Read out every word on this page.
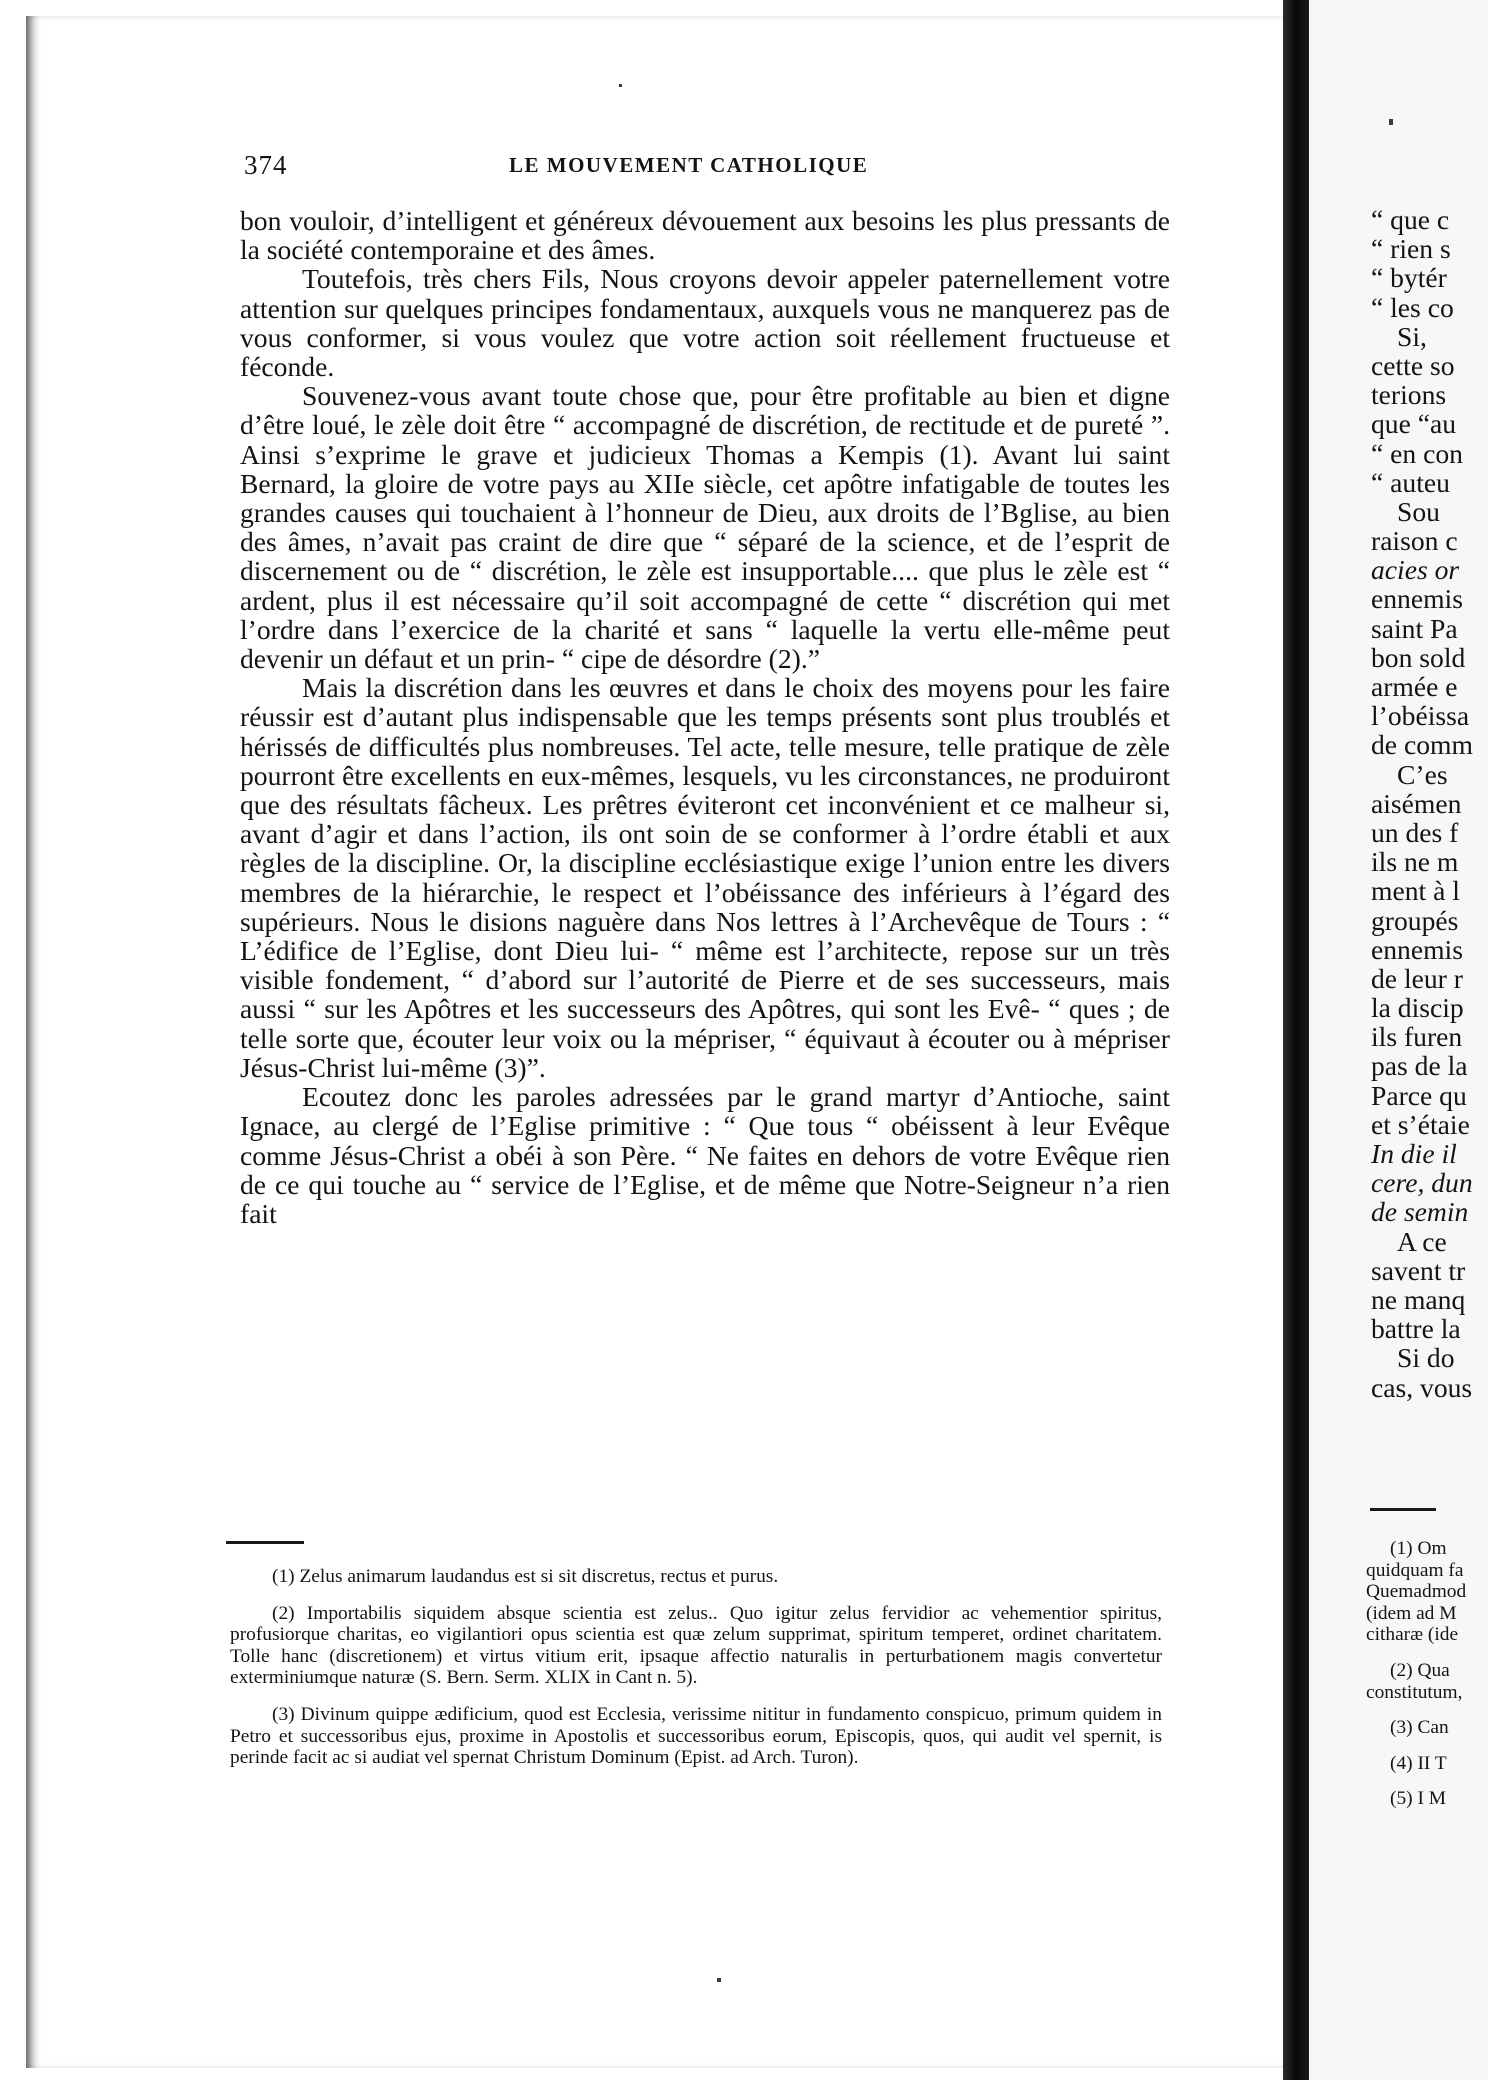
374	LE MOUVEMENT CATHOLIQUE

bon vouloir, d’intelligent et généreux dévouement aux besoins les plus pressants de la société contemporaine et des âmes.

Toutefois, très chers Fils, Nous croyons devoir appeler paternellement votre attention sur quelques principes fondamentaux, auxquels vous ne manquerez pas de vous conformer, si vous voulez que votre action soit réellement fructueuse et féconde.

Souvenez-vous avant toute chose que, pour être profitable au bien et digne d’être loué, le zèle doit être “ accompagné de discrétion, de rectitude et de pureté ”. Ainsi s’exprime le grave et judicieux Thomas a Kempis (1). Avant lui saint Bernard, la gloire de votre pays au XIIe siècle, cet apôtre infatigable de toutes les grandes causes qui touchaient à l’honneur de Dieu, aux droits de l’Bglise, au bien des âmes, n’avait pas craint de dire que “ séparé de la science, et de l’esprit de discernement ou de “ discrétion, le zèle est insupportable.... que plus le zèle est “ ardent, plus il est nécessaire qu’il soit accompagné de cette “ discrétion qui met l’ordre dans l’exercice de la charité et sans “ laquelle la vertu elle-même peut devenir un défaut et un prin- “ cipe de désordre (2).”

Mais la discrétion dans les œuvres et dans le choix des moyens pour les faire réussir est d’autant plus indispensable que les temps présents sont plus troublés et hérissés de difficultés plus nombreuses. Tel acte, telle mesure, telle pratique de zèle pourront être excellents en eux-mêmes, lesquels, vu les circonstances, ne produiront que des résultats fâcheux. Les prêtres éviteront cet inconvénient et ce malheur si, avant d’agir et dans l’action, ils ont soin de se conformer à l’ordre établi et aux règles de la discipline. Or, la discipline ecclésiastique exige l’union entre les divers membres de la hiérarchie, le respect et l’obéissance des inférieurs à l’égard des supérieurs. Nous le disions naguère dans Nos lettres à l’Archevêque de Tours : “ L’édifice de l’Eglise, dont Dieu lui- “ même est l’architecte, repose sur un très visible fondement, “ d’abord sur l’autorité de Pierre et de ses successeurs, mais aussi “ sur les Apôtres et les successeurs des Apôtres, qui sont les Evê- “ ques ; de telle sorte que, écouter leur voix ou la mépriser, “ équivaut à écouter ou à mépriser Jésus-Christ lui-même (3)”.

Ecoutez donc les paroles adressées par le grand martyr d’Antioche, saint Ignace, au clergé de l’Eglise primitive : “ Que tous “ obéissent à leur Evêque comme Jésus-Christ a obéi à son Père. “ Ne faites en dehors de votre Evêque rien de ce qui touche au “ service de l’Eglise, et de même que Notre-Seigneur n’a rien fait

(1) Zelus animarum laudandus est si sit discretus, rectus et purus.

(2) Importabilis siquidem absque scientia est zelus.. Quo igitur zelus fervidior ac vehementior spiritus, profusiorque charitas, eo vigilantiori opus scientia est quæ zelum supprimat, spiritum temperet, ordinet charitatem. Tolle hanc (discretionem) et virtus vitium erit, ipsaque affectio naturalis in perturbationem magis convertetur exterminiumque naturæ (S. Bern. Serm. XLIX in Cant n. 5).

(3) Divinum quippe ædificium, quod est Ecclesia, verissime nititur in fundamento conspicuo, primum quidem in Petro et successoribus ejus, proxime in Apostolis et successoribus eorum, Episcopis, quos, qui audit vel spernit, is perinde facit ac si audiat vel spernat Christum Dominum (Epist. ad Arch. Turon).

“ que c
“ rien s
“ bytér
“ les co
Si,
cette so
terions
que “au
“ en con
“ auteu
Sou
raison c
acies or
ennemis
saint Pa
bon sold
armée e
l’obéissa
de comm
C’es
aisémen
un des f
ils ne m
ment à l
groupés
ennemis
de leur r
la discip
ils furen
pas de la
Parce qu
et s’étaie
In die il
cere, dun
de semin
A ce
savent tr
ne manq
battre la
Si do
cas, vous
(1) Om
quidquam fa
Quemadmod
(idem ad M
citharæ (ide
(2) Qua
constitutum,
(3) Can
(4) II T
(5) I M
